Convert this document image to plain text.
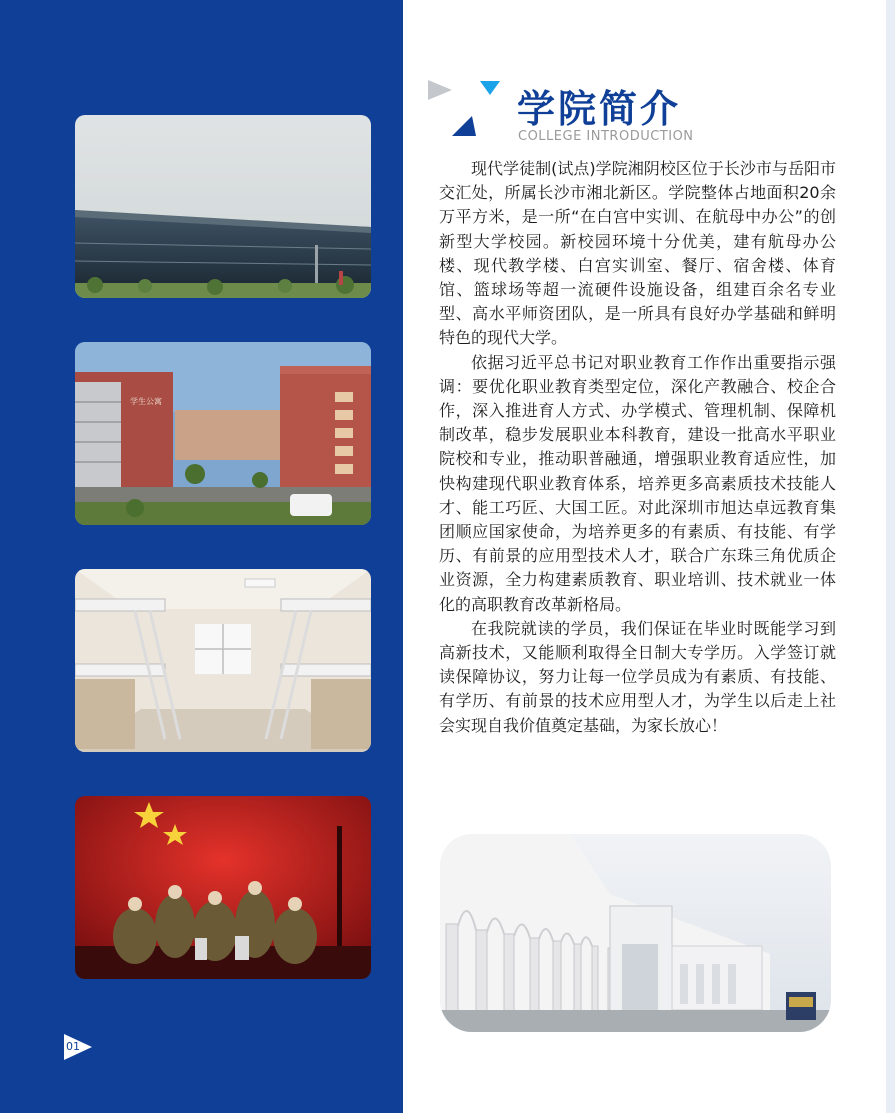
学生公寓
01
学院简介
COLLEGE INTRODUCTION

现代学徒制(试点)学院湘阴校区位于长沙市与岳阳市交汇处，所属长沙市湘北新区。学院整体占地面积20余万平方米，是一所“在白宫中实训、在航母中办公”的创新型大学校园。新校园环境十分优美，建有航母办公楼、现代教学楼、白宫实训室、餐厅、宿舍楼、体育馆、篮球场等超一流硬件设施设备，组建百余名专业型、高水平师资团队，是一所具有良好办学基础和鲜明特色的现代大学。

依据习近平总书记对职业教育工作作出重要指示强调：要优化职业教育类型定位，深化产教融合、校企合作，深入推进育人方式、办学模式、管理机制、保障机制改革，稳步发展职业本科教育，建设一批高水平职业院校和专业，推动职普融通，增强职业教育适应性，加快构建现代职业教育体系，培养更多高素质技术技能人才、能工巧匠、大国工匠。对此深圳市旭达卓远教育集团顺应国家使命，为培养更多的有素质、有技能、有学历、有前景的应用型技术人才，联合广东珠三角优质企业资源，全力构建素质教育、职业培训、技术就业一体化的高职教育改革新格局。

在我院就读的学员，我们保证在毕业时既能学习到高新技术，又能顺利取得全日制大专学历。入学签订就读保障协议，努力让每一位学员成为有素质、有技能、有学历、有前景的技术应用型人才，为学生以后走上社会实现自我价值奠定基础，为家长放心！
